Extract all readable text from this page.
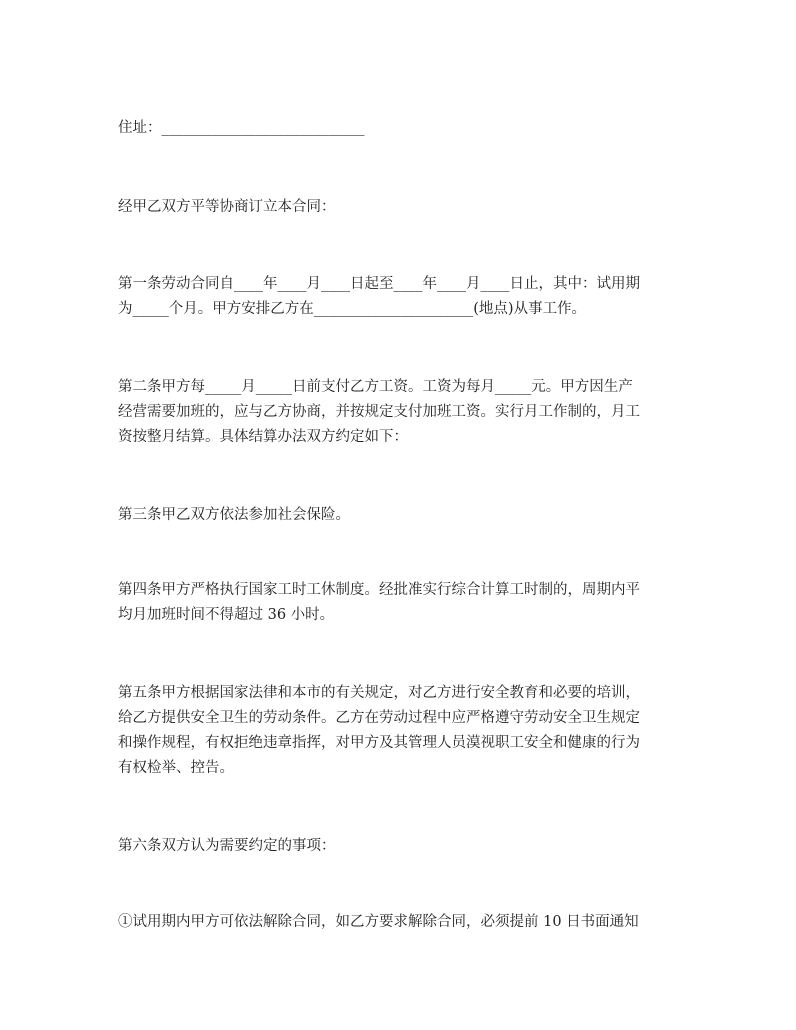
住址：____________________________
经甲乙双方平等协商订立本合同：
第一条劳动合同自____年____月____日起至____年____月____日止，其中：试用期
为_____个月。甲方安排乙方在______________________(地点)从事工作。
第二条甲方每_____月_____日前支付乙方工资。工资为每月_____元。甲方因生产
经营需要加班的，应与乙方协商，并按规定支付加班工资。实行月工作制的，月工
资按整月结算。具体结算办法双方约定如下：
第三条甲乙双方依法参加社会保险。
第四条甲方严格执行国家工时工休制度。经批准实行综合计算工时制的，周期内平
均月加班时间不得超过 36 小时。
第五条甲方根据国家法律和本市的有关规定，对乙方进行安全教育和必要的培训，
给乙方提供安全卫生的劳动条件。乙方在劳动过程中应严格遵守劳动安全卫生规定
和操作规程，有权拒绝违章指挥，对甲方及其管理人员漠视职工安全和健康的行为
有权检举、控告。
第六条双方认为需要约定的事项：
①试用期内甲方可依法解除合同，如乙方要求解除合同，必须提前 10 日书面通知
